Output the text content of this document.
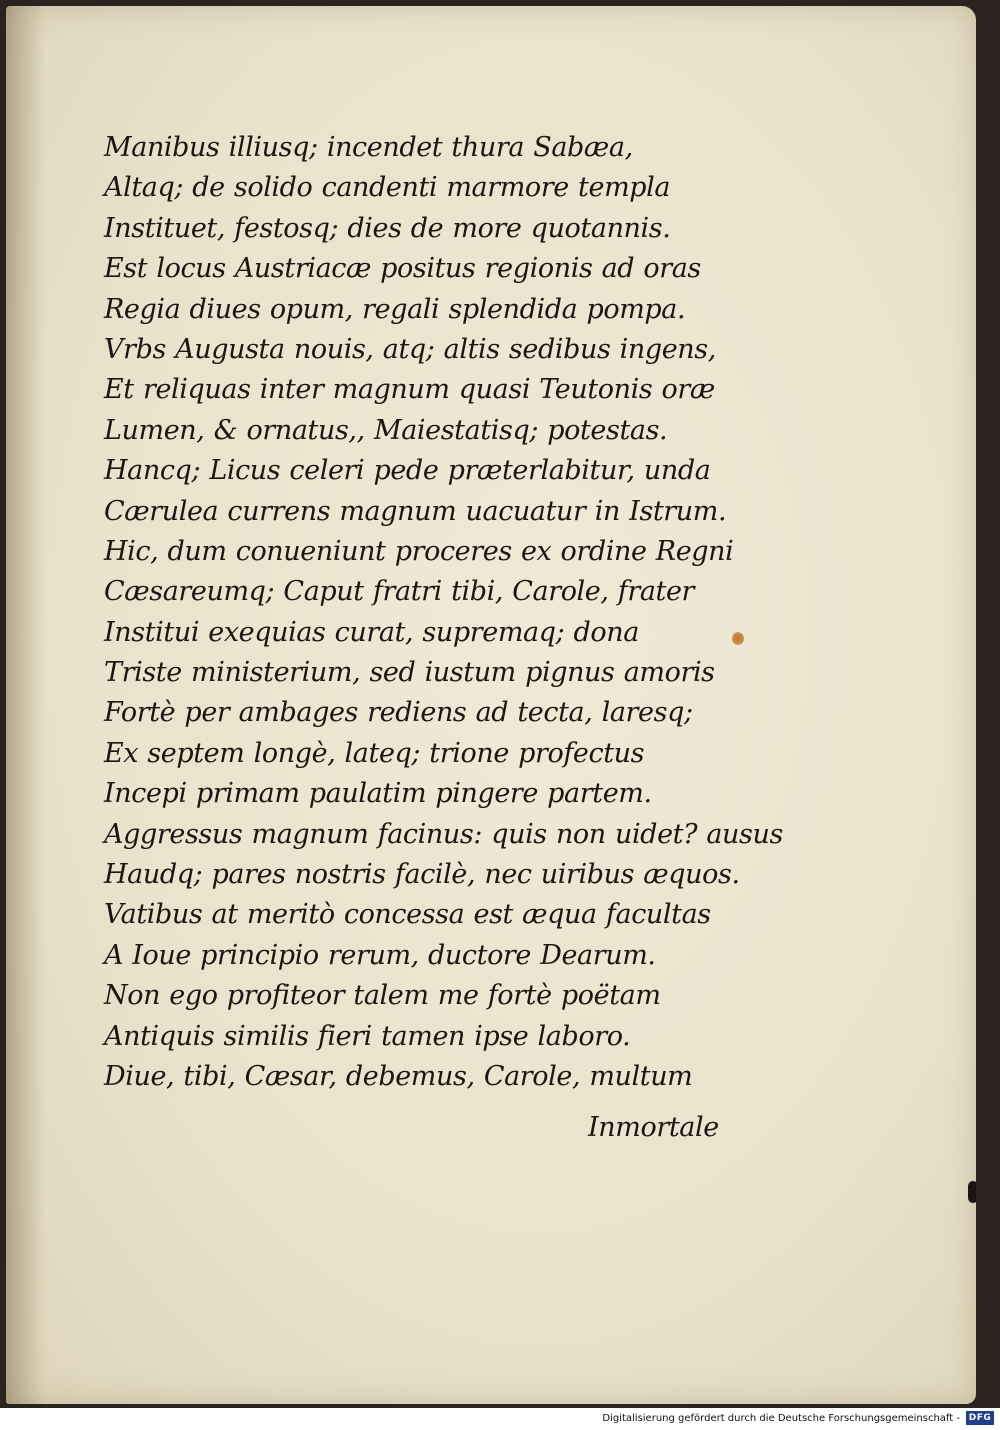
Manibus illiusq; incendet thura Sabæa,
Altaq; de solido candenti marmore templa
Instituet, festosq; dies de more quotannis.
Est locus Austriacæ positus regionis ad oras
Regia diues opum, regali splendida pompa.
Vrbs Augusta nouis, atq; altis sedibus ingens,
Et reliquas inter magnum quasi Teutonis oræ
Lumen, & ornatus,, Maiestatisq; potestas.
Hancq; Licus celeri pede præterlabitur, unda
Cærulea currens magnum uacuatur in Istrum.
Hic, dum conueniunt proceres ex ordine Regni
Cæsareumq; Caput fratri tibi, Carole, frater
Institui exequias curat, supremaq; dona
Triste ministerium, sed iustum pignus amoris
Fortè per ambages rediens ad tecta, laresq;
Ex septem longè, lateq; trione profectus
Incepi primam paulatim pingere partem.
Aggressus magnum facinus: quis non uidet? ausus
Haudq; pares nostris facilè, nec uiribus æquos.
Vatibus at meritò concessa est æqua facultas
A Ioue principio rerum, ductore Dearum.
Non ego profiteor talem me fortè poëtam
Antiquis similis fieri tamen ipse laboro.
Diue, tibi, Cæsar, debemus, Carole, multum
Inmortale
Digitalisierung gefördert durch die Deutsche Forschungsgemeinschaft - DFG
